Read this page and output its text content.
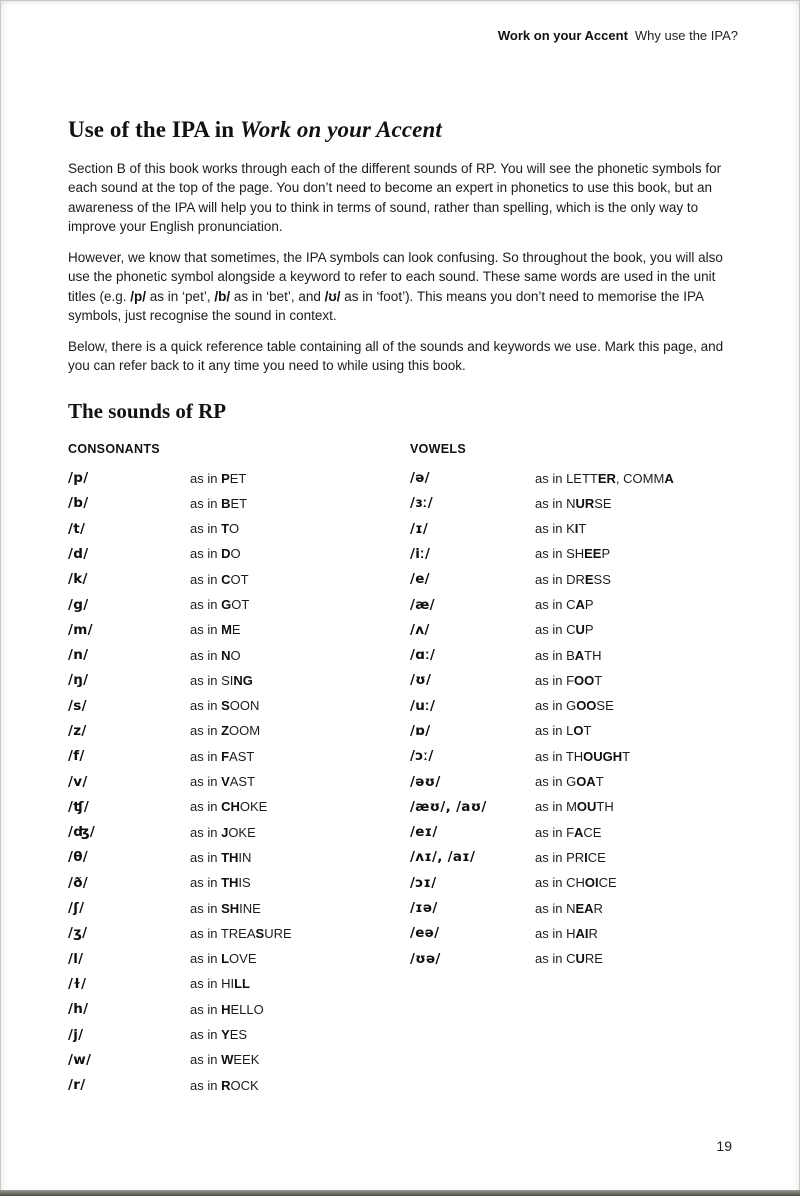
Work on your Accent Why use the IPA?
Use of the IPA in Work on your Accent

Section B of this book works through each of the different sounds of RP. You will see the phonetic symbols for each sound at the top of the page. You don’t need to become an expert in phonetics to use this book, but an awareness of the IPA will help you to think in terms of sound, rather than spelling, which is the only way to improve your English pronunciation.

However, we know that sometimes, the IPA symbols can look confusing. So throughout the book, you will also use the phonetic symbol alongside a keyword to refer to each sound. These same words are used in the unit titles (e.g. /p/ as in ‘pet’, /b/ as in ‘bet’, and /ʊ/ as in ‘foot’). This means you don’t need to memorise the IPA symbols, just recognise the sound in context.

Below, there is a quick reference table containing all of the sounds and keywords we use. Mark this page, and you can refer back to it any time you need to while using this book.

The sounds of RP
CONSONANTS
/p/	as in PET
/b/	as in BET
/t/	as in TO
/d/	as in DO
/k/	as in COT
/g/	as in GOT
/m/	as in ME
/n/	as in NO
/ŋ/	as in SING
/s/	as in SOON
/z/	as in ZOOM
/f/	as in FAST
/v/	as in VAST
/ʧ/	as in CHOKE
/ʤ/	as in JOKE
/θ/	as in THIN
/ð/	as in THIS
/ʃ/	as in SHINE
/ʒ/	as in TREASURE
/l/	as in LOVE
/ɫ/	as in HILL
/h/	as in HELLO
/j/	as in YES
/w/	as in WEEK
/r/	as in ROCK
VOWELS
/ə/	as in LETTER, COMMA
/ɜː/	as in NURSE
/ɪ/	as in KIT
/iː/	as in SHEEP
/e/	as in DRESS
/æ/	as in CAP
/ʌ/	as in CUP
/ɑː/	as in BATH
/ʊ/	as in FOOT
/uː/	as in GOOSE
/ɒ/	as in LOT
/ɔː/	as in THOUGHT
/əʊ/	as in GOAT
/æʊ/, /aʊ/	as in MOUTH
/eɪ/	as in FACE
/ʌɪ/, /aɪ/	as in PRICE
/ɔɪ/	as in CHOICE
/ɪə/	as in NEAR
/eə/	as in HAIR
/ʊə/	as in CURE
19
